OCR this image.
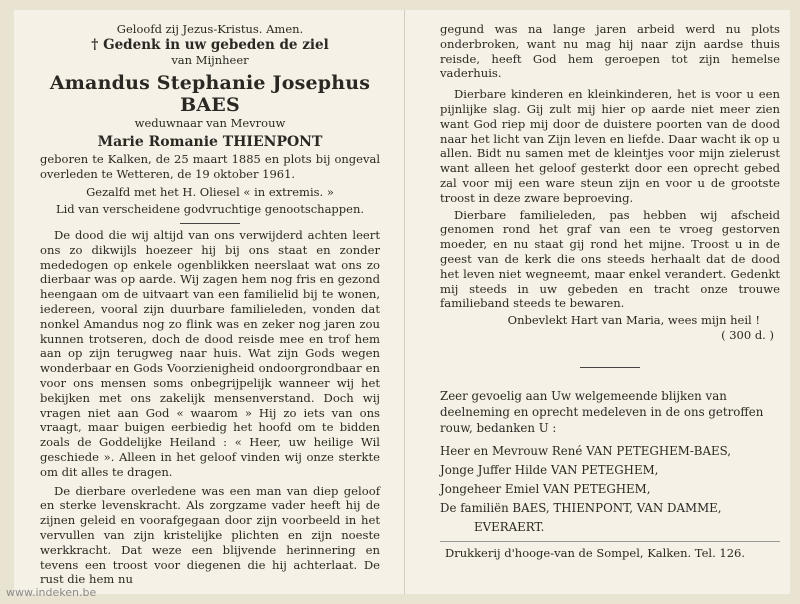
Geloofd zij Jezus-Kristus. Amen.

† Gedenk in uw gebeden de ziel

van Mijnheer

Amandus Stephanie Josephus BAES

weduwnaar van Mevrouw

Marie Romanie THIENPONT

geboren te Kalken, de 25 maart 1885 en plots bij ongeval overleden te Wetteren, de 19 oktober 1961.

Gezalfd met het H. Oliesel « in extremis. »

Lid van verscheidene godvruchtige genootschappen.

De dood die wij altijd van ons verwijderd achten leert ons zo dikwijls hoezeer hij bij ons staat en zonder mededogen op enkele ogenblikken neerslaat wat ons zo dierbaar was op aarde. Wij zagen hem nog fris en gezond heengaan om de uitvaart van een familielid bij te wonen, iedereen, vooral zijn duurbare familieleden, vonden dat nonkel Amandus nog zo flink was en zeker nog jaren zou kunnen trotseren, doch de dood reisde mee en trof hem aan op zijn terugweg naar huis. Wat zijn Gods wegen wonderbaar en Gods Voorzienigheid ondoorgrondbaar en voor ons mensen soms onbegrijpelijk wanneer wij het bekijken met ons zakelijk mensenverstand. Doch wij vragen niet aan God « waarom » Hij zo iets van ons vraagt, maar buigen eerbiedig het hoofd om te bidden zoals de Goddelijke Heiland : « Heer, uw heilige Wil geschiede ». Alleen in het geloof vinden wij onze sterkte om dit alles te dragen.

De dierbare overledene was een man van diep geloof en sterke levenskracht. Als zorgzame vader heeft hij de zijnen geleid en voorafgegaan door zijn voorbeeld in het vervullen van zijn kristelijke plichten en zijn noeste werkkracht. Dat weze een blijvende herinnering en tevens een troost voor diegenen die hij achterlaat. De rust die hem nu

gegund was na lange jaren arbeid werd nu plots onderbroken, want nu mag hij naar zijn aardse thuis reisde, heeft God hem geroepen tot zijn hemelse vaderhuis.

Dierbare kinderen en kleinkinderen, het is voor u een pijnlijke slag. Gij zult mij hier op aarde niet meer zien want God riep mij door de duistere poorten van de dood naar het licht van Zijn leven en liefde. Daar wacht ik op u allen. Bidt nu samen met de kleintjes voor mijn zielerust want alleen het geloof gesterkt door een oprecht gebed zal voor mij een ware steun zijn en voor u de grootste troost in deze zware beproeving.

Dierbare familieleden, pas hebben wij afscheid genomen rond het graf van een te vroeg gestorven moeder, en nu staat gij rond het mijne. Troost u in de geest van de kerk die ons steeds herhaalt dat de dood het leven niet wegneemt, maar enkel verandert. Gedenkt mij steeds in uw gebeden en tracht onze trouwe familieband steeds te bewaren.

Onbevlekt Hart van Maria, wees mijn heil !

( 300 d. )

Zeer gevoelig aan Uw welgemeende blijken van deelneming en oprecht medeleven in de ons getroffen rouw, bedanken U :

Heer en Mevrouw René VAN PETEGHEM-BAES,

Jonge Juffer Hilde VAN PETEGHEM,

Jongeheer Emiel VAN PETEGHEM,

De familiën BAES, THIENPONT, VAN DAMME,

EVERAERT.

Drukkerij d'hooge-van de Sompel, Kalken. Tel. 126.

www.indeken.be
